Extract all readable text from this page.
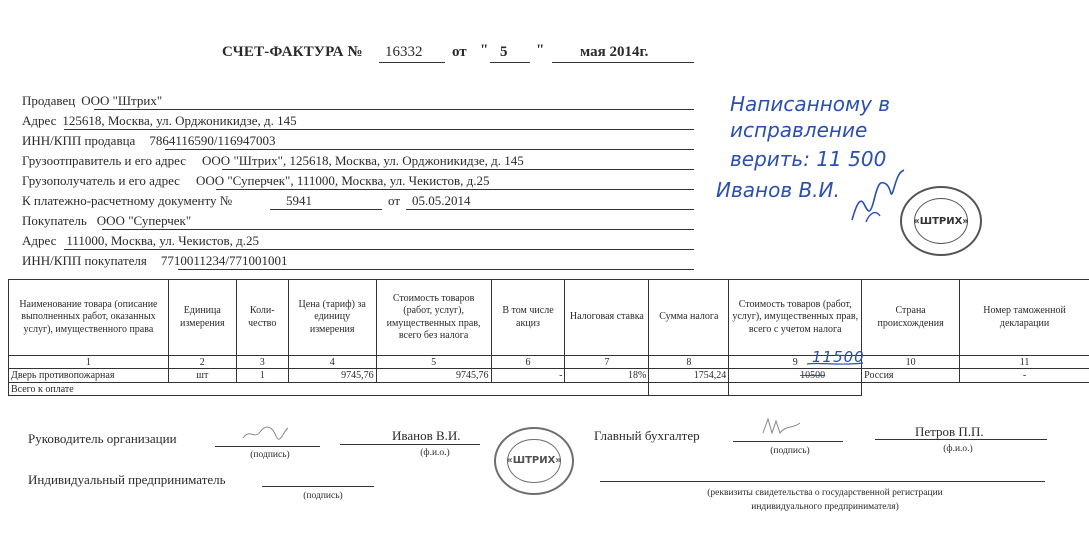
СЧЕТ-ФАКТУРА № 16332 от " 5 " мая 2014г.
Продавец ООО "Штрих"
Адрес 125618, Москва, ул. Орджоникидзе, д. 145
ИНН/КПП продавца 7864116590/116947003
Грузоотправитель и его адрес ООО "Штрих", 125618, Москва, ул. Орджоникидзе, д. 145
Грузополучатель и его адрес ООО "Суперчек", 111000, Москва, ул. Чекистов, д.25
К платежно-расчетному документу №	5941	от 05.05.2014
Покупатель ООО "Суперчек"
Адрес 111000, Москва, ул. Чекистов, д.25
ИНН/КПП покупателя 7710011234/771001001
Наименование товара (описание выполненных работ, оказанных услуг), имущественного права	Единица измерения	Коли-чество	Цена (тариф) за единицу измерения	Стоимость товаров (работ, услуг), имущественных прав, всего без налога	В том числе акциз	Налоговая ставка	Сумма налога	Стоимость товаров (работ, услуг), имущественных прав, всего с учетом налога	Страна происхождения	Номер таможенной декларации
1	2	3	4	5	6	7	8	9	10	11
Дверь противопожарная	шт	1	9745,76	9745,76	-	18%	1754,24	10500	Россия	-
Всего к оплате										
11500
Руководитель организации
(подпись)
Иванов В.И.
(ф.и.о.)
Главный бухгалтер
(подпись)
Петров П.П.
(ф.и.о.)
Индивидуальный предприниматель
(подпись)	(реквизиты свидетельства о государственной регистрации
индивидуального предпринимателя)
«ШТРИХ»
«ШТРИХ»
Написанному в
исправление
верить: 11 500
Иванов В.И.
